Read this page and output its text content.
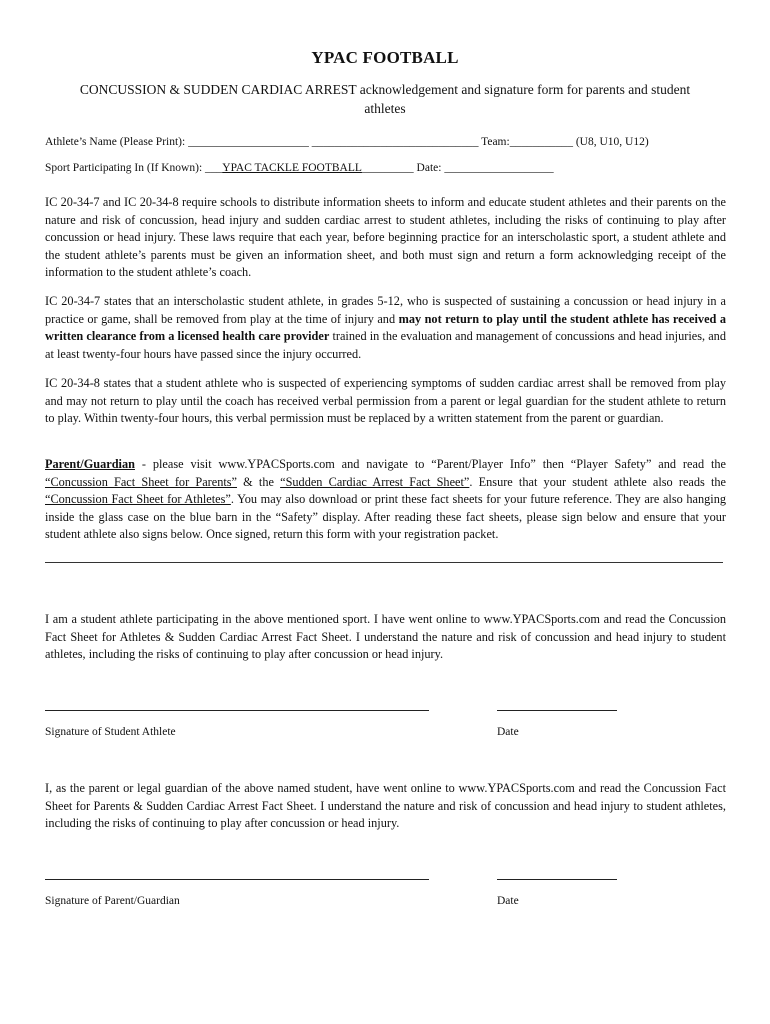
YPAC FOOTBALL
CONCUSSION & SUDDEN CARDIAC ARREST acknowledgement and signature form for parents and student athletes
Athlete’s Name (Please Print): _____________________ _____________________________ Team:___________ (U8, U10, U12)
Sport Participating In (If Known): ___YPAC TACKLE FOOTBALL_________ Date: ___________________
IC 20-34-7 and IC 20-34-8 require schools to distribute information sheets to inform and educate student athletes and their parents on the nature and risk of concussion, head injury and sudden cardiac arrest to student athletes, including the risks of continuing to play after concussion or head injury. These laws require that each year, before beginning practice for an interscholastic sport, a student athlete and the student athlete’s parents must be given an information sheet, and both must sign and return a form acknowledging receipt of the information to the student athlete’s coach.
IC 20-34-7 states that an interscholastic student athlete, in grades 5-12, who is suspected of sustaining a concussion or head injury in a practice or game, shall be removed from play at the time of injury and may not return to play until the student athlete has received a written clearance from a licensed health care provider trained in the evaluation and management of concussions and head injuries, and at least twenty-four hours have passed since the injury occurred.
IC 20-34-8 states that a student athlete who is suspected of experiencing symptoms of sudden cardiac arrest shall be removed from play and may not return to play until the coach has received verbal permission from a parent or legal guardian for the student athlete to return to play. Within twenty-four hours, this verbal permission must be replaced by a written statement from the parent or guardian.
Parent/Guardian - please visit www.YPACSports.com and navigate to “Parent/Player Info” then “Player Safety” and read the “Concussion Fact Sheet for Parents” & the “Sudden Cardiac Arrest Fact Sheet”. Ensure that your student athlete also reads the “Concussion Fact Sheet for Athletes”. You may also download or print these fact sheets for your future reference. They are also hanging inside the glass case on the blue barn in the “Safety” display. After reading these fact sheets, please sign below and ensure that your student athlete also signs below. Once signed, return this form with your registration packet.
I am a student athlete participating in the above mentioned sport. I have went online to www.YPACSports.com and read the Concussion Fact Sheet for Athletes & Sudden Cardiac Arrest Fact Sheet. I understand the nature and risk of concussion and head injury to student athletes, including the risks of continuing to play after concussion or head injury.
Signature of Student Athlete	Date
I, as the parent or legal guardian of the above named student, have went online to www.YPACSports.com and read the Concussion Fact Sheet for Parents & Sudden Cardiac Arrest Fact Sheet. I understand the nature and risk of concussion and head injury to student athletes, including the risks of continuing to play after concussion or head injury.
Signature of Parent/Guardian	Date
